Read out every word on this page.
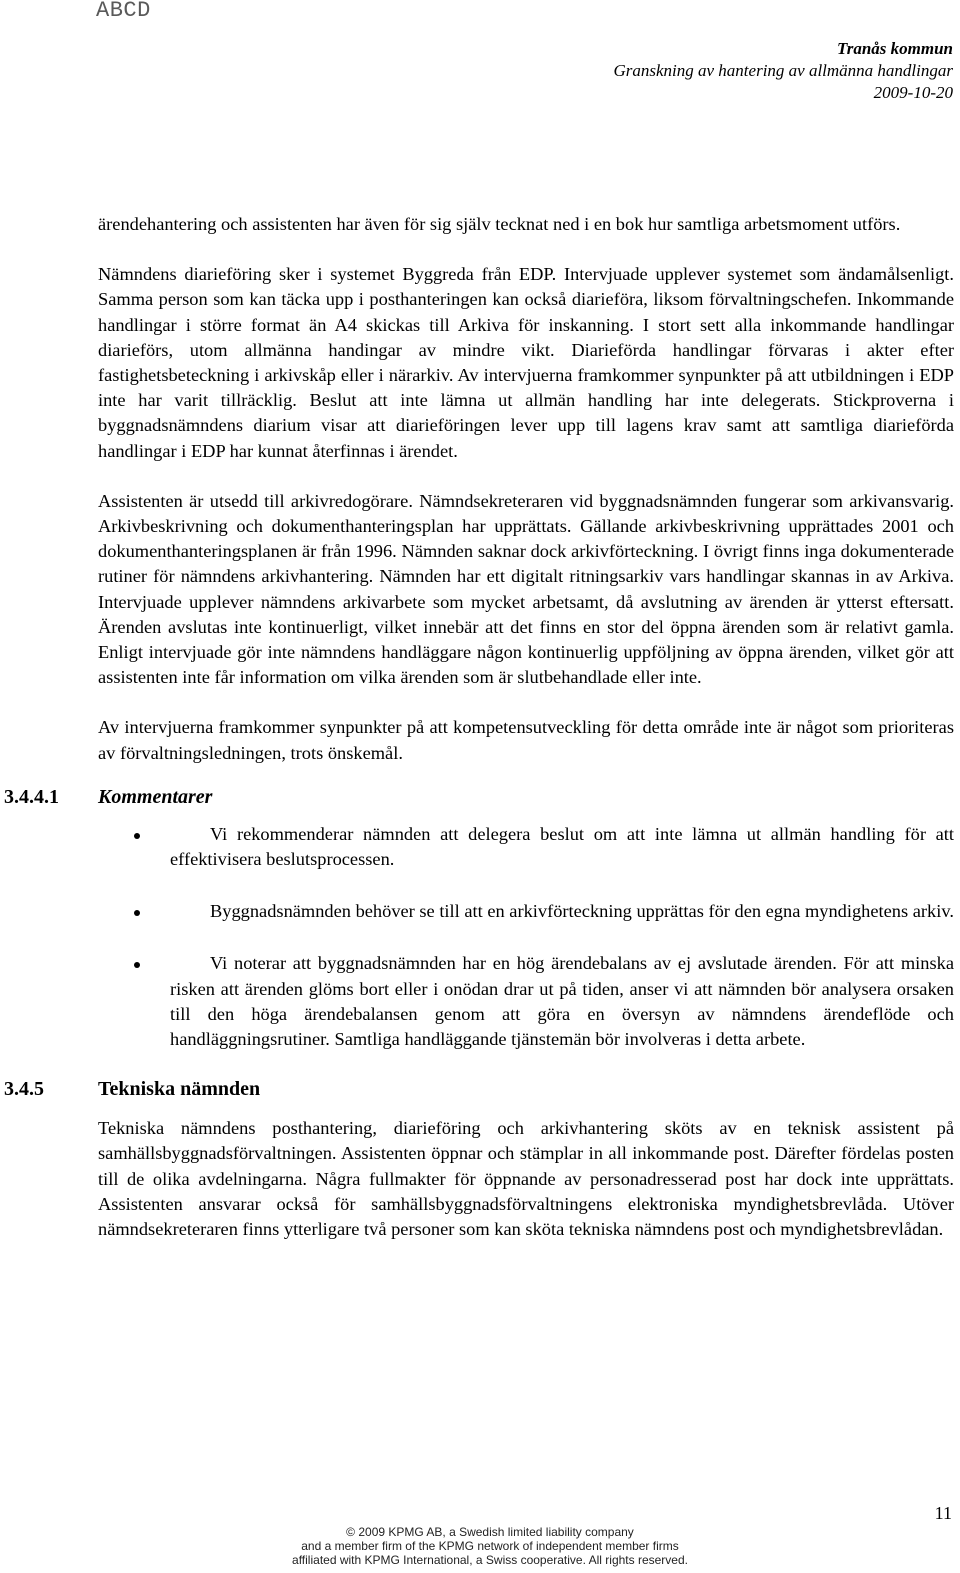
ABCD
Tranås kommun
Granskning av hantering av allmänna handlingar
2009-10-20

ärendehantering och assistenten har även för sig själv tecknat ned i en bok hur samtliga arbetsmoment utförs.

Nämndens diarieföring sker i systemet Byggreda från EDP. Intervjuade upplever systemet som ändamålsenligt. Samma person som kan täcka upp i posthanteringen kan också diarieföra, liksom förvaltningschefen. Inkommande handlingar i större format än A4 skickas till Arkiva för inskanning. I stort sett alla inkommande handlingar diarieförs, utom allmänna handingar av mindre vikt. Diarieförda handlingar förvaras i akter efter fastighetsbeteckning i arkivskåp eller i närarkiv. Av intervjuerna framkommer synpunkter på att utbildningen i EDP inte har varit tillräcklig. Beslut att inte lämna ut allmän handling har inte delegerats. Stickproverna i byggnadsnämndens diarium visar att diarieföringen lever upp till lagens krav samt att samtliga diarieförda handlingar i EDP har kunnat återfinnas i ärendet.

Assistenten är utsedd till arkivredogörare. Nämndsekreteraren vid byggnadsnämnden fungerar som arkivansvarig. Arkivbeskrivning och dokumenthanteringsplan har upprättats. Gällande arkivbeskrivning upprättades 2001 och dokumenthanteringsplanen är från 1996. Nämnden saknar dock arkivförteckning. I övrigt finns inga dokumenterade rutiner för nämndens arkivhantering. Nämnden har ett digitalt ritningsarkiv vars handlingar skannas in av Arkiva. Intervjuade upplever nämndens arkivarbete som mycket arbetsamt, då avslutning av ärenden är ytterst eftersatt. Ärenden avslutas inte kontinuerligt, vilket innebär att det finns en stor del öppna ärenden som är relativt gamla. Enligt intervjuade gör inte nämndens handläggare någon kontinuerlig uppföljning av öppna ärenden, vilket gör att assistenten inte får information om vilka ärenden som är slutbehandlade eller inte.

Av intervjuerna framkommer synpunkter på att kompetensutveckling för detta område inte är något som prioriteras av förvaltningsledningen, trots önskemål.

3.4.4.1 Kommentarer
Vi rekommenderar nämnden att delegera beslut om att inte lämna ut allmän handling för att effektivisera beslutsprocessen.
Byggnadsnämnden behöver se till att en arkivförteckning upprättas för den egna myndighetens arkiv.
Vi noterar att byggnadsnämnden har en hög ärendebalans av ej avslutade ärenden. För att minska risken att ärenden glöms bort eller i onödan drar ut på tiden, anser vi att nämnden bör analysera orsaken till den höga ärendebalansen genom att göra en översyn av nämndens ärendeflöde och handläggningsrutiner. Samtliga handläggande tjänstemän bör involveras i detta arbete.
3.4.5	Tekniska nämnden

Tekniska nämndens posthantering, diarieföring och arkivhantering sköts av en teknisk assistent på samhällsbyggnadsförvaltningen. Assistenten öppnar och stämplar in all inkommande post. Därefter fördelas posten till de olika avdelningarna. Några fullmakter för öppnande av personadresserad post har dock inte upprättats. Assistenten ansvarar också för samhällsbyggnadsförvaltningens elektroniska myndighetsbrevlåda. Utöver nämndsekreteraren finns ytterligare två personer som kan sköta tekniska nämndens post och myndighetsbrevlådan.

11
© 2009 KPMG AB, a Swedish limited liability company
and a member firm of the KPMG network of independent member firms
affiliated with KPMG International, a Swiss cooperative. All rights reserved.
